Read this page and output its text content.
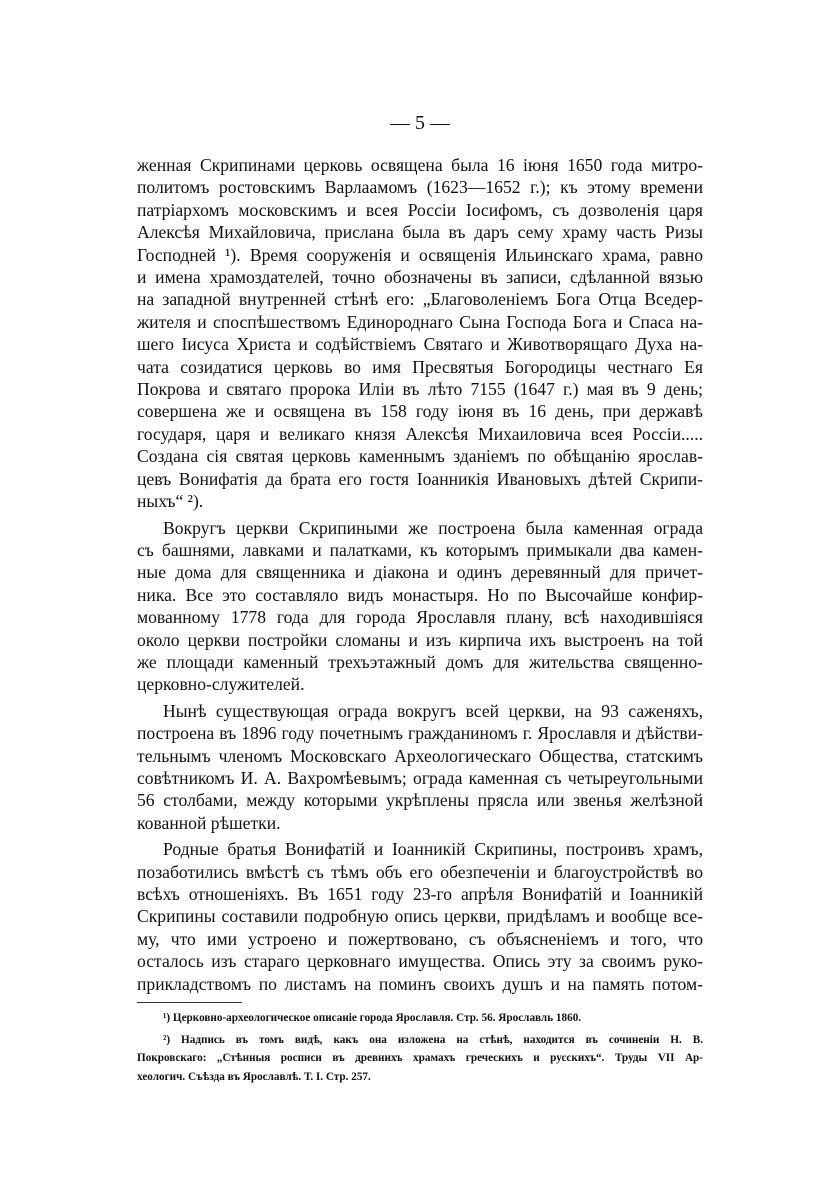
— 5 —
женная Скрипинами церковь освящена была 16 іюня 1650 года митро-
политомъ ростовскимъ Варлаамомъ (1623—1652 г.); къ этому времени
патріархомъ московскимъ и всея Россіи Іосифомъ, съ дозволенія царя
Алексѣя Михайловича, прислана была въ даръ сему храму часть Ризы
Господней ¹). Время сооруженія и освященія Ильинскаго храма, равно
и имена храмоздателей, точно обозначены въ записи, сдѣланной вязью
на западной внутренней стѣнѣ его: „Благоволеніемъ Бога Отца Вседер-
жителя и споспѣшествомъ Единороднаго Сына Господа Бога и Спаса на-
шего Іисуса Христа и содѣйствіемъ Святаго и Животворящаго Духа на-
чата созидатися церковь во имя Пресвятыя Богородицы честнаго Ея
Покрова и святаго пророка Иліи въ лѣто 7155 (1647 г.) мая въ 9 день;
совершена же и освящена въ 158 году іюня въ 16 день, при державѣ
государя, царя и великаго князя Алексѣя Михаиловича всея Россіи.....
Создана сія святая церковь каменнымъ зданіемъ по обѣщанію ярослав-
цевъ Вонифатія да брата его гостя Іоанникія Ивановыхъ дѣтей Скрипи-
ныхъ“ ²).
Вокругъ церкви Скрипиными же построена была каменная ограда
съ башнями, лавками и палатками, къ которымъ примыкали два камен-
ные дома для священника и діакона и одинъ деревянный для причет-
ника. Все это составляло видъ монастыря. Но по Высочайше конфир-
мованному 1778 года для города Ярославля плану, всѣ находившіяся
около церкви постройки сломаны и изъ кирпича ихъ выстроенъ на той
же площади каменный трехъэтажный домъ для жительства священно-
церковно-служителей.
Нынѣ существующая ограда вокругъ всей церкви, на 93 саженяхъ,
построена въ 1896 году почетнымъ гражданиномъ г. Ярославля и дѣйстви-
тельнымъ членомъ Московскаго Археологическаго Общества, статскимъ
совѣтникомъ И. А. Вахромѣевымъ; ограда каменная съ четыреугольными
56 столбами, между которыми укрѣплены прясла или звенья желѣзной
кованной рѣшетки.
Родные братья Вонифатій и Іоанникій Скрипины, построивъ храмъ,
позаботились вмѣстѣ съ тѣмъ объ его обезпеченіи и благоустройствѣ во
всѣхъ отношеніяхъ. Въ 1651 году 23-го апрѣля Вонифатій и Іоанникій
Скрипины составили подробную опись церкви, придѣламъ и вообще все-
му, что ими устроено и пожертвовано, съ объясненіемъ и того, что
осталось изъ стараго церковнаго имущества. Опись эту за своимъ руко-
прикладствомъ по листамъ на поминъ своихъ душъ и на память потом-
¹) Церковно-археологическое описаніе города Ярославля. Стр. 56. Ярославль 1860.
²) Надпись въ томъ видѣ, какъ она изложена на стѣнѣ, находится въ сочиненіи Н. В.
Покровскаго: „Стѣнныя росписи въ древнихъ храмахъ греческихъ и русскихъ“. Труды VII Ар-
хеологич. Съѣзда въ Ярославлѣ. Т. I. Стр. 257.
